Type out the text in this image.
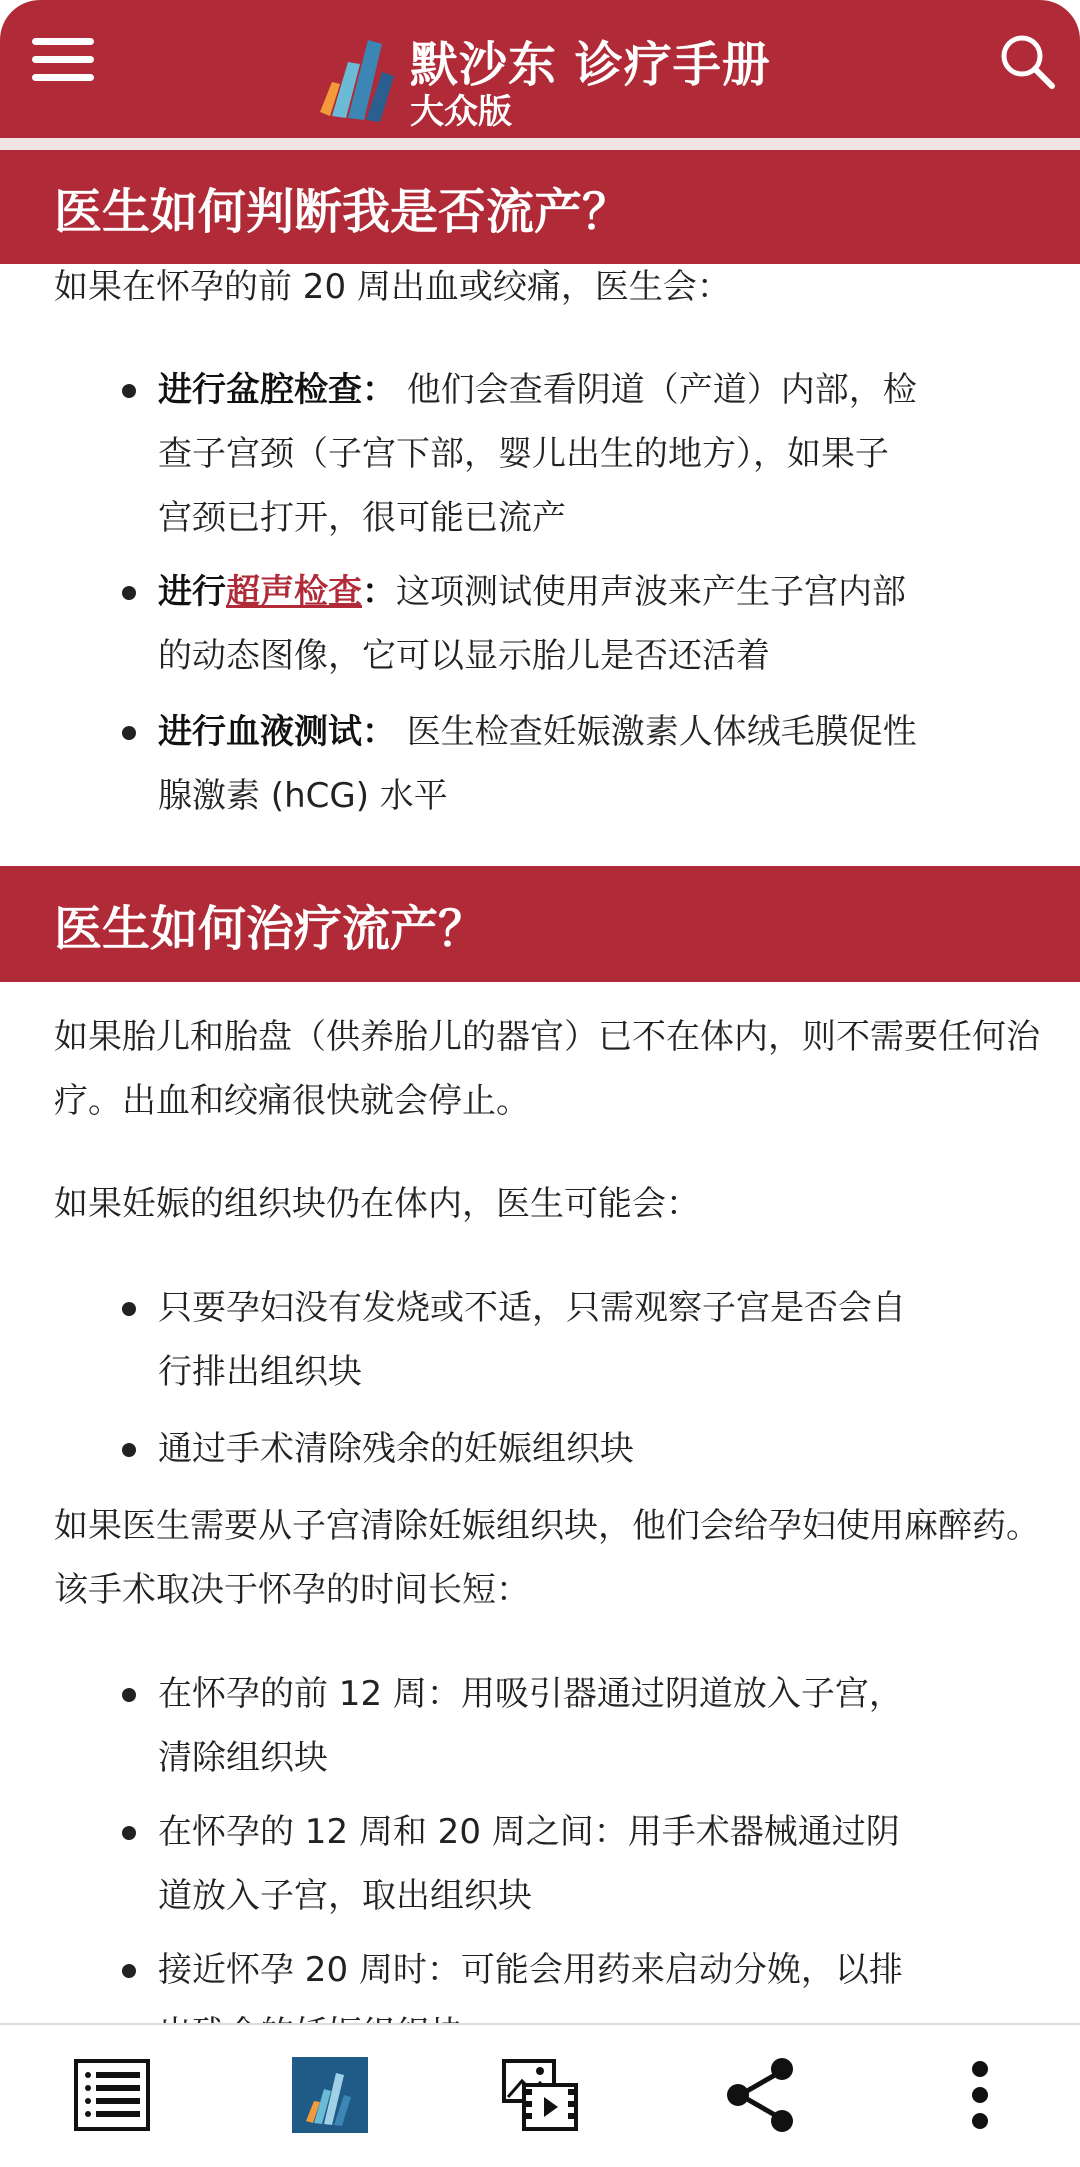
默沙东 诊疗手册
大众版
医生如何判断我是否流产？
如果在怀孕的前 20 周出血或绞痛，医生会：
进行盆腔检查： 他们会查看阴道（产道）内部，检查子宫颈（子宫下部，婴儿出生的地方），如果子宫颈已打开，很可能已流产
进行超声检查：这项测试使用声波来产生子宫内部的动态图像，它可以显示胎儿是否还活着
进行血液测试： 医生检查妊娠激素人体绒毛膜促性腺激素 (hCG) 水平
医生如何治疗流产？
如果胎儿和胎盘（供养胎儿的器官）已不在体内，则不需要任何治疗。出血和绞痛很快就会停止。
如果妊娠的组织块仍在体内，医生可能会：
只要孕妇没有发烧或不适，只需观察子宫是否会自行排出组织块
通过手术清除残余的妊娠组织块
如果医生需要从子宫清除妊娠组织块，他们会给孕妇使用麻醉药。该手术取决于怀孕的时间长短：
在怀孕的前 12 周：用吸引器通过阴道放入子宫，清除组织块
在怀孕的 12 周和 20 周之间：用手术器械通过阴道放入子宫，取出组织块
接近怀孕 20 周时：可能会用药来启动分娩，以排
